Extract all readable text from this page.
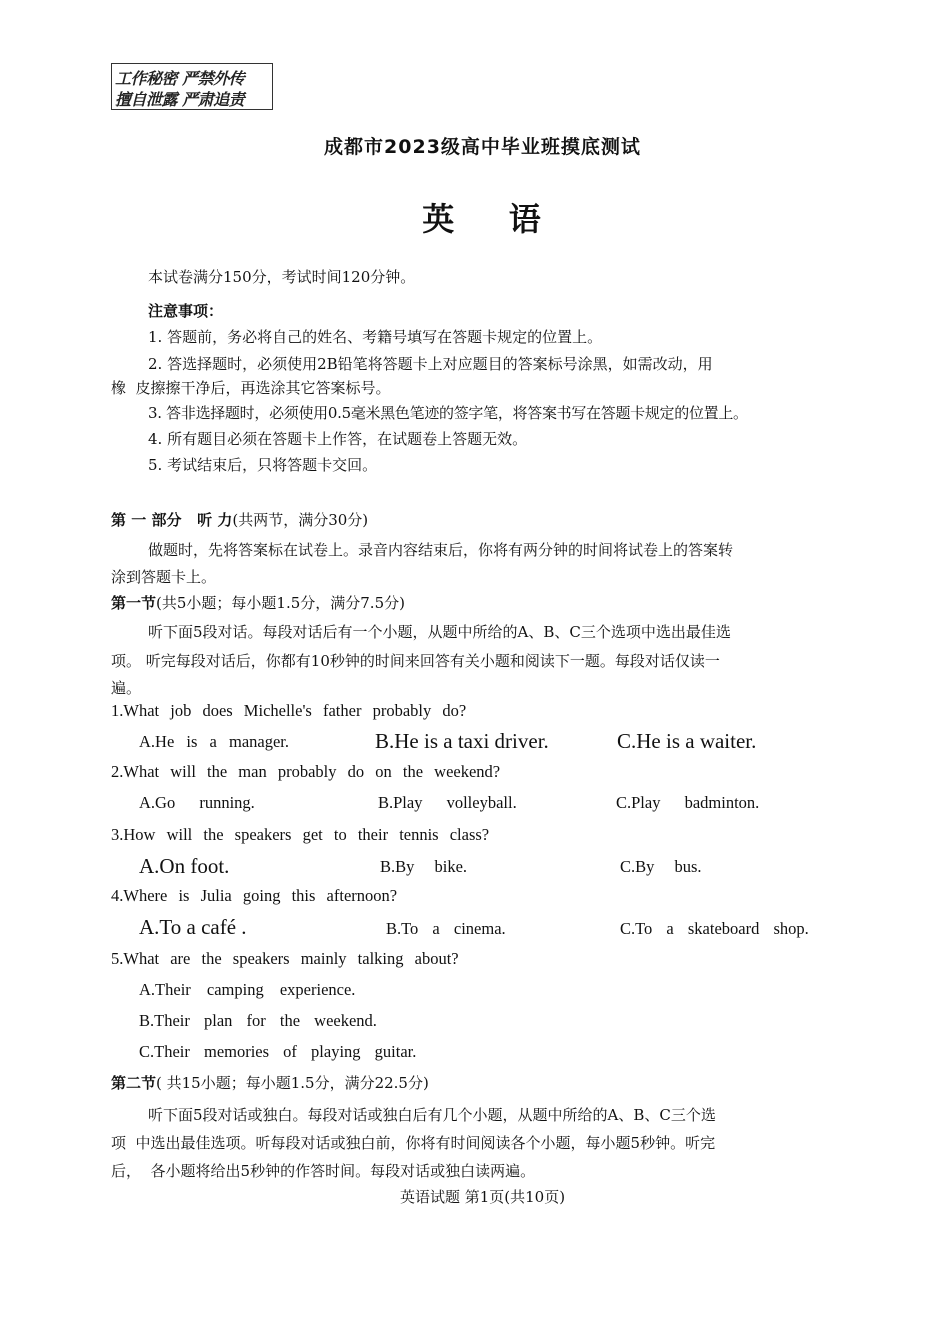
工作秘密 严禁外传
擅自泄露 严肃追责
成都市2023级高中毕业班摸底测试
英    语
本试卷满分150分，考试时间120分钟。
注意事项：
1. 答题前，务必将自己的姓名、考籍号填写在答题卡规定的位置上。
2. 答选择题时，必须使用2B铅笔将答题卡上对应题目的答案标号涂黑，如需改动，用
橡  皮擦擦干净后，再选涂其它答案标号。
3. 答非选择题时，必须使用0.5毫米黑色笔迹的签字笔，将答案书写在答题卡规定的位置上。
4. 所有题目必须在答题卡上作答，在试题卷上答题无效。
5. 考试结束后，只将答题卡交回。
第 一 部分   听 力(共两节，满分30分)
做题时，先将答案标在试卷上。录音内容结束后，你将有两分钟的时间将试卷上的答案转
涂到答题卡上。
第一节(共5小题；每小题1.5分，满分7.5分)
听下面5段对话。每段对话后有一个小题，从题中所给的A、B、C三个选项中选出最佳选
项。 听完每段对话后，你都有10秒钟的时间来回答有关小题和阅读下一题。每段对话仅读一
遍。
1.What job does Michelle's father probably do?
A.He is a manager.	B.He is a taxi driver.	C.He is a waiter.
2.What will the man probably do on the weekend?
A.Go running.	B.Play volleyball.	C.Play badminton.
3.How will the speakers get to their tennis class?
A.On foot.	B.By bike.	C.By bus.
4.Where is Julia going this afternoon?
A.To a café .	B.To a cinema.	C.To a skateboard shop.
5.What are the speakers mainly talking about?
A.Their camping experience.
B.Their plan for the weekend.
C.Their memories of playing guitar.
第二节( 共15小题；每小题1.5分，满分22.5分)
听下面5段对话或独白。每段对话或独白后有几个小题，从题中所给的A、B、C三个选
项  中选出最佳选项。听每段对话或独白前，你将有时间阅读各个小题，每小题5秒钟。听完
后，  各小题将给出5秒钟的作答时间。每段对话或独白读两遍。
英语试题 第1页(共10页)
